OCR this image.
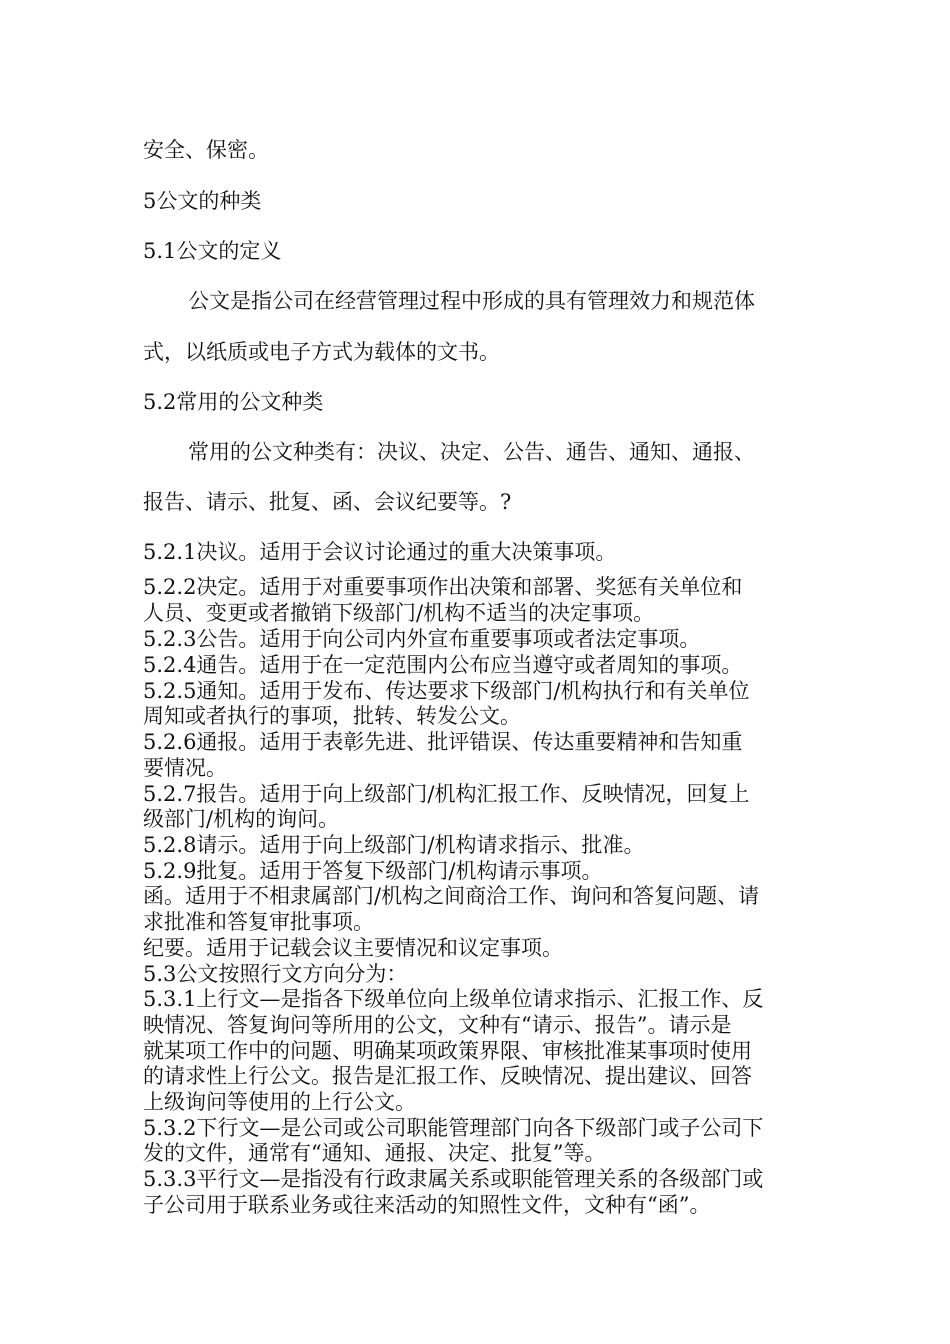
安全、保密。
5公文的种类
5.1公文的定义
公文是指公司在经营管理过程中形成的具有管理效力和规范体
式，以纸质或电子方式为载体的文书。
5.2常用的公文种类
常用的公文种类有：决议、决定、公告、通告、通知、通报、
报告、请示、批复、函、会议纪要等。?
5.2.1决议。适用于会议讨论通过的重大决策事项。
5.2.2决定。适用于对重要事项作出决策和部署、奖惩有关单位和
人员、变更或者撤销下级部门/机构不适当的决定事项。
5.2.3公告。适用于向公司内外宣布重要事项或者法定事项。
5.2.4通告。适用于在一定范围内公布应当遵守或者周知的事项。
5.2.5通知。适用于发布、传达要求下级部门/机构执行和有关单位
周知或者执行的事项，批转、转发公文。
5.2.6通报。适用于表彰先进、批评错误、传达重要精神和告知重
要情况。
5.2.7报告。适用于向上级部门/机构汇报工作、反映情况，回复上
级部门/机构的询问。
5.2.8请示。适用于向上级部门/机构请求指示、批准。
5.2.9批复。适用于答复下级部门/机构请示事项。
函。适用于不相隶属部门/机构之间商洽工作、询问和答复问题、请
求批准和答复审批事项。
纪要。适用于记载会议主要情况和议定事项。
5.3公文按照行文方向分为：
5.3.1上行文—是指各下级单位向上级单位请求指示、汇报工作、反
映情况、答复询问等所用的公文，文种有“请示、报告”。请示是
就某项工作中的问题、明确某项政策界限、审核批准某事项时使用
的请求性上行公文。报告是汇报工作、反映情况、提出建议、回答
上级询问等使用的上行公文。
5.3.2下行文—是公司或公司职能管理部门向各下级部门或子公司下
发的文件，通常有“通知、通报、决定、批复”等。
5.3.3平行文—是指没有行政隶属关系或职能管理关系的各级部门或
子公司用于联系业务或往来活动的知照性文件，文种有“函”。
